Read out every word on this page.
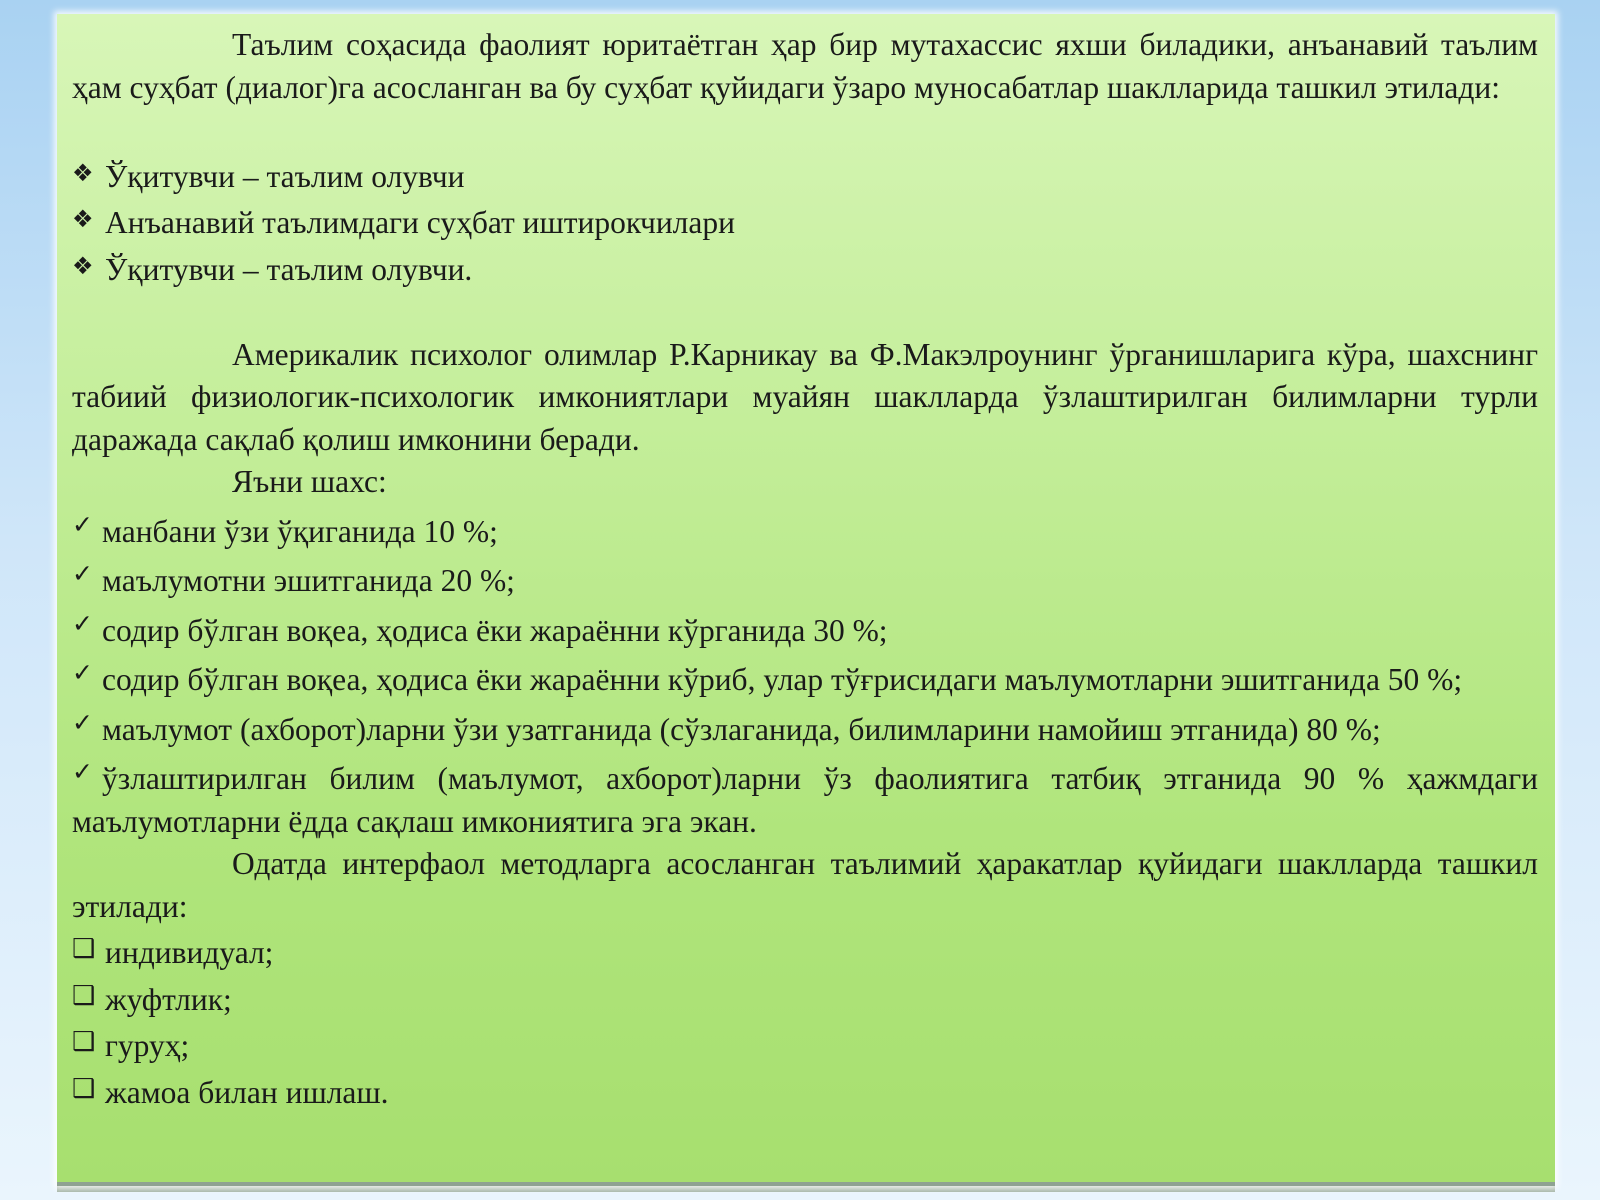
Таълим соҳасида фаолият юритаётган ҳар бир мутахассис яхши биладики, анъанавий таълим ҳам суҳбат (диалог)га асосланган ва бу суҳбат қуйидаги ўзаро муносабатлар шаклларида ташкил этилади:

❖ Ўқитувчи – таълим олувчи

❖ Анъанавий таълимдаги суҳбат иштирокчилари

❖ Ўқитувчи – таълим олувчи.

Америкалик психолог олимлар Р.Карникау ва Ф.Макэлроунинг ўрганишларига кўра, шахснинг табиий физиологик-психологик имкониятлари муайян шаклларда ўзлаштирилган билимларни турли даражада сақлаб қолиш имконини беради.

Яъни шахс:

✓ манбани ўзи ўқиганида 10 %;

✓ маълумотни эшитганида 20 %;

✓ содир бўлган воқеа, ҳодиса ёки жараённи кўрганида 30 %;

✓ содир бўлган воқеа, ҳодиса ёки жараённи кўриб, улар тўғрисидаги маълумотларни эшитганида 50 %;

✓ маълумот (ахборот)ларни ўзи узатганида (сўзлаганида, билимларини намойиш этганида) 80 %;

✓ ўзлаштирилган билим (маълумот, ахборот)ларни ўз фаолиятига татбиқ этганида 90 % ҳажмдаги маълумотларни ёдда сақлаш имкониятига эга экан.

Одатда интерфаол методларга асосланган таълимий ҳаракатлар қуйидаги шаклларда ташкил этилади:

❑ индивидуал;

❑ жуфтлик;

❑ гуруҳ;

❑ жамоа билан ишлаш.
